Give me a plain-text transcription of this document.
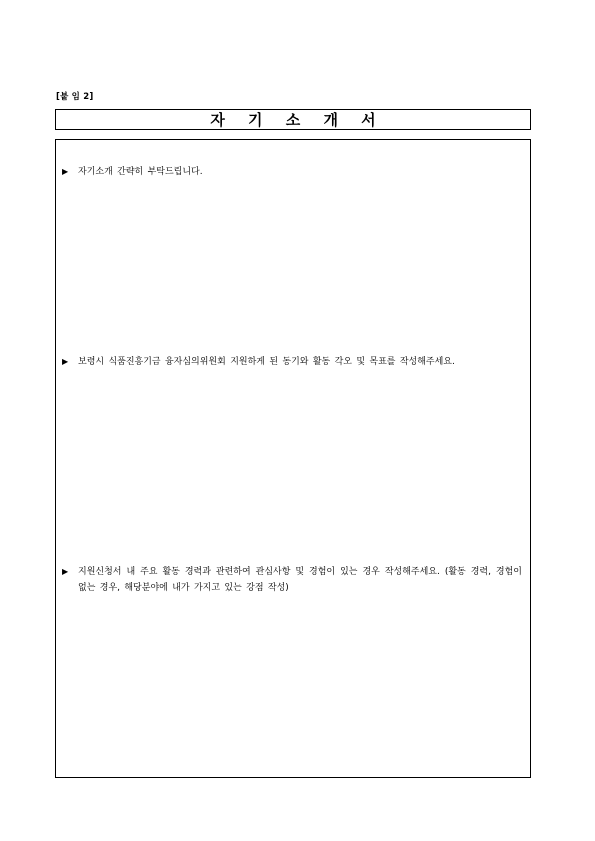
[붙 임 2]
자 기 소 개 서
▶	자기소개 간략히 부탁드립니다.
▶	보령시 식품진흥기금 융자심의위원회 지원하게 된 동기와 활동 각오 및 목표를 작성해주세요.
▶	지원신청서 내 주요 활동 경력과 관련하여 관심사항 및 경험이 있는 경우 작성해주세요. (활동 경력, 경험이 없는 경우, 해당분야에 내가 가지고 있는 강점 작성)
